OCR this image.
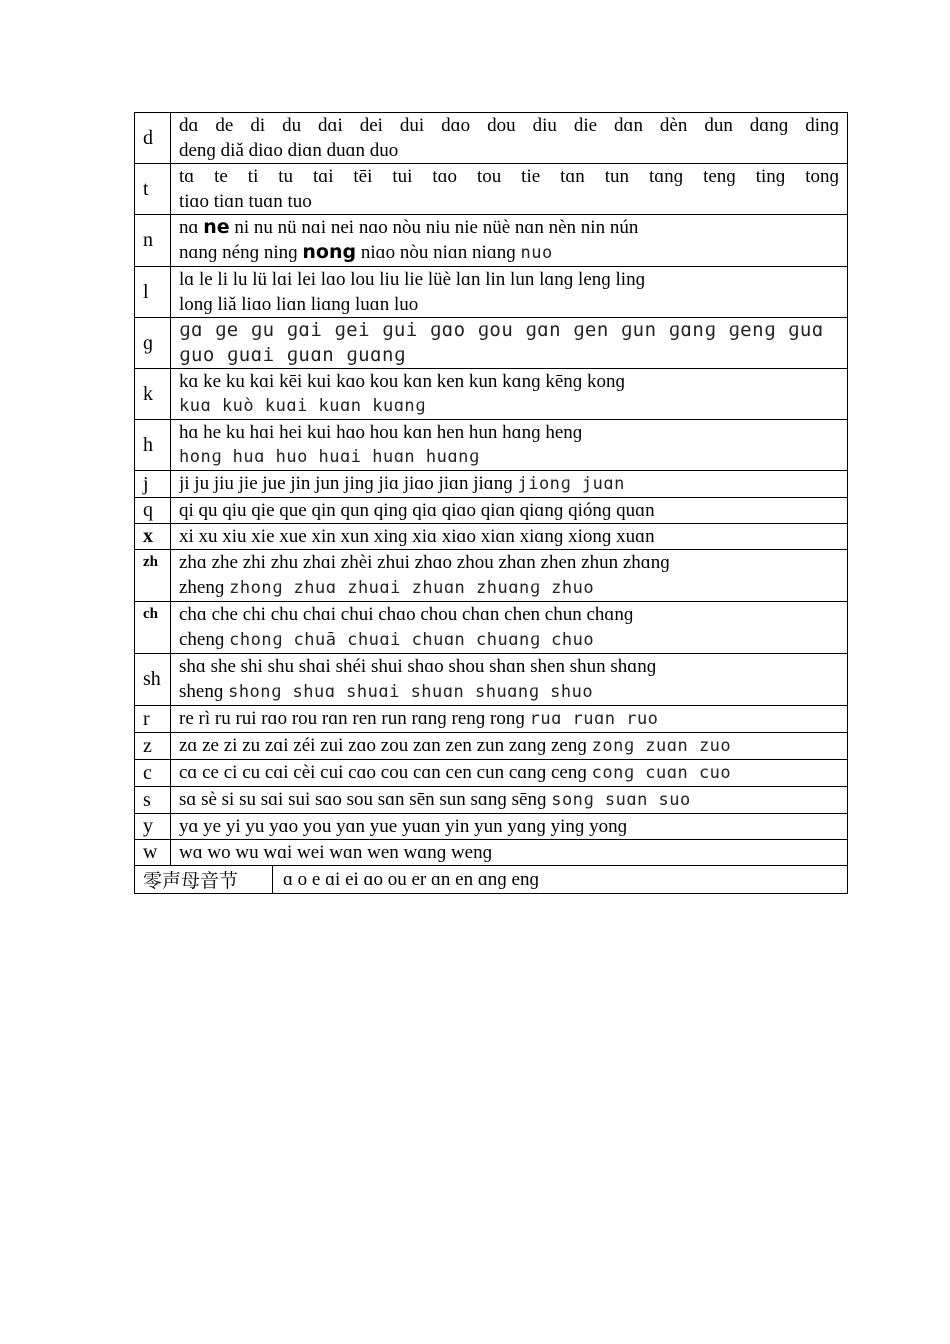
d	dɑ de di du dɑi dei dui dɑo dou diu die dɑn dèn dun dɑnɡ dinɡ
denɡ diǎ diɑo diɑn duɑn duo	

t	tɑ te ti tu tɑi tēi tui tɑo tou tie tɑn tun tɑnɡ tenɡ tinɡ tonɡ
tiɑo tiɑn tuɑn tuo	

n	nɑ ne ni nu nü nɑi nei nɑo nòu niu nie nüè nɑn nèn nin nún
nɑnɡ nénɡ ninɡ nong niɑo nòu niɑn niɑnɡ nuo	

l	lɑ le li lu lü lɑi lei lɑo lou liu lie lüè lɑn lin lun lɑnɡ lenɡ linɡ
lonɡ liǎ liɑo liɑn liɑnɡ luɑn luo	

ɡ	ɡɑ ɡe ɡu ɡɑi ɡei ɡui ɡɑo ɡou ɡɑn ɡen ɡun ɡɑnɡ ɡenɡ ɡuɑ
ɡuo ɡuɑi ɡuɑn ɡuɑnɡ	

k	kɑ ke ku kɑi kēi kui kɑo kou kɑn ken kun kɑnɡ kēnɡ konɡ
kuɑ kuò kuɑi kuɑn kuɑnɡ	

h	hɑ he ku hɑi hei kui hɑo hou kɑn hen hun hɑnɡ henɡ
honɡ huɑ huo huɑi huɑn huɑnɡ	

j	ji ju jiu jie jue jin jun jinɡ jiɑ jiɑo jiɑn jiɑnɡ jionɡ juɑn	

q	qi qu qiu qie que qin qun qinɡ qiɑ qiɑo qiɑn qiɑnɡ qiónɡ quɑn	

x	xi xu xiu xie xue xin xun xinɡ xiɑ xiɑo xiɑn xiɑnɡ xionɡ xuɑn	

zh	zhɑ zhe zhi zhu zhɑi zhèi zhui zhɑo zhou zhɑn zhen zhun zhɑnɡ
zhenɡ zhonɡ zhuɑ zhuɑi zhuɑn zhuɑnɡ zhuo	

ch	chɑ che chi chu chɑi chui chɑo chou chɑn chen chun chɑnɡ
chenɡ chonɡ chuā chuɑi chuɑn chuɑnɡ chuo	

sh	shɑ she shi shu shɑi shéi shui shɑo shou shɑn shen shun shɑnɡ
shenɡ shonɡ shuɑ shuɑi shuɑn shuɑnɡ shuo	

r	re rì ru rui rɑo rou rɑn ren run rɑnɡ renɡ ronɡ ruɑ ruɑn ruo	

z	zɑ ze zi zu zɑi zéi zui zɑo zou zɑn zen zun zɑnɡ zenɡ zonɡ zuɑn zuo	

c	cɑ ce ci cu cɑi cèi cui cɑo cou cɑn cen cun cɑnɡ cenɡ conɡ cuɑn cuo	

s	sɑ sè si su sɑi sui sɑo sou sɑn sēn sun sɑnɡ sēnɡ sonɡ suɑn suo	

y	yɑ ye yi yu yɑo you yɑn yue yuɑn yin yun yɑnɡ yinɡ yonɡ	

w	wɑ wo wu wɑi wei wɑn wen wɑnɡ wenɡ	

零声母音节		ɑ o e ɑi ei ɑo ou er ɑn en ɑnɡ enɡ
